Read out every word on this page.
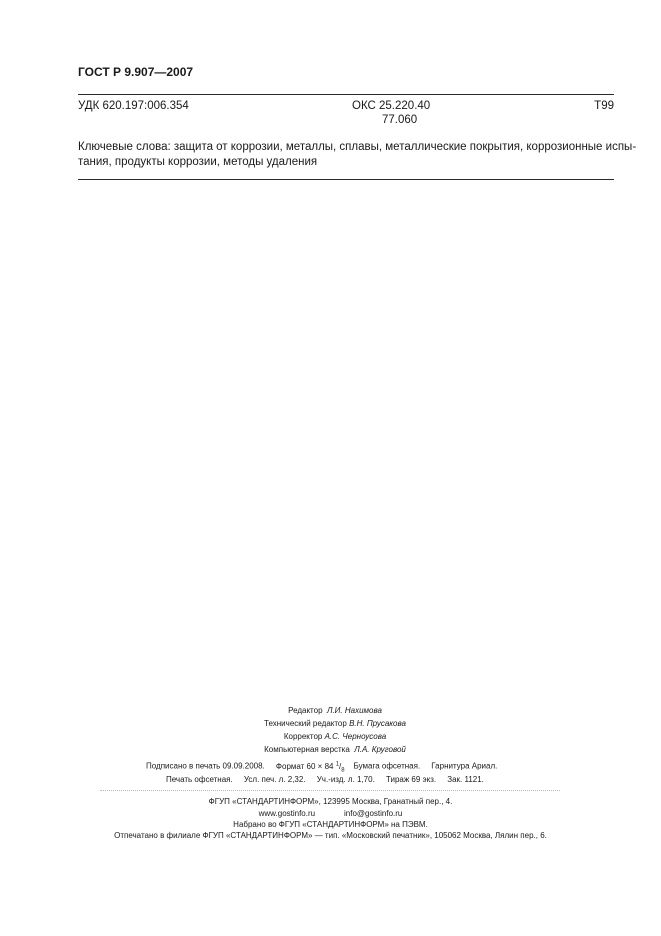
ГОСТ Р 9.907—2007
УДК 620.197:006.354	ОКС 25.220.40
77.060
Т99
Ключевые слова: защита от коррозии, металлы, сплавы, металлические покрытия, коррозионные испы-
тания, продукты коррозии, методы удаления
Редактор Л.И. Нахимова
Технический редактор В.Н. Прусакова
Корректор А.С. Черноусова
Компьютерная верстка Л.А. Круговой
Подписано в печать 09.09.2008. Формат 60 × 84 $^1/_8$ Бумага офсетная. Гарнитура Ариал.
Печать офсетная. Усл. печ. л. 2,32. Уч.-изд. л. 1,70. Тираж 69 экз. Зак. 1121.
ФГУП «СТАНДАРТИНФОРМ», 123995 Москва, Гранатный пер., 4.
www.gostinfo.ru	info@gostinfo.ru
Набрано во ФГУП «СТАНДАРТИНФОРМ» на ПЭВМ.
Отпечатано в филиале ФГУП «СТАНДАРТИНФОРМ» — тип. «Московский печатник», 105062 Москва, Лялин пер., 6.
